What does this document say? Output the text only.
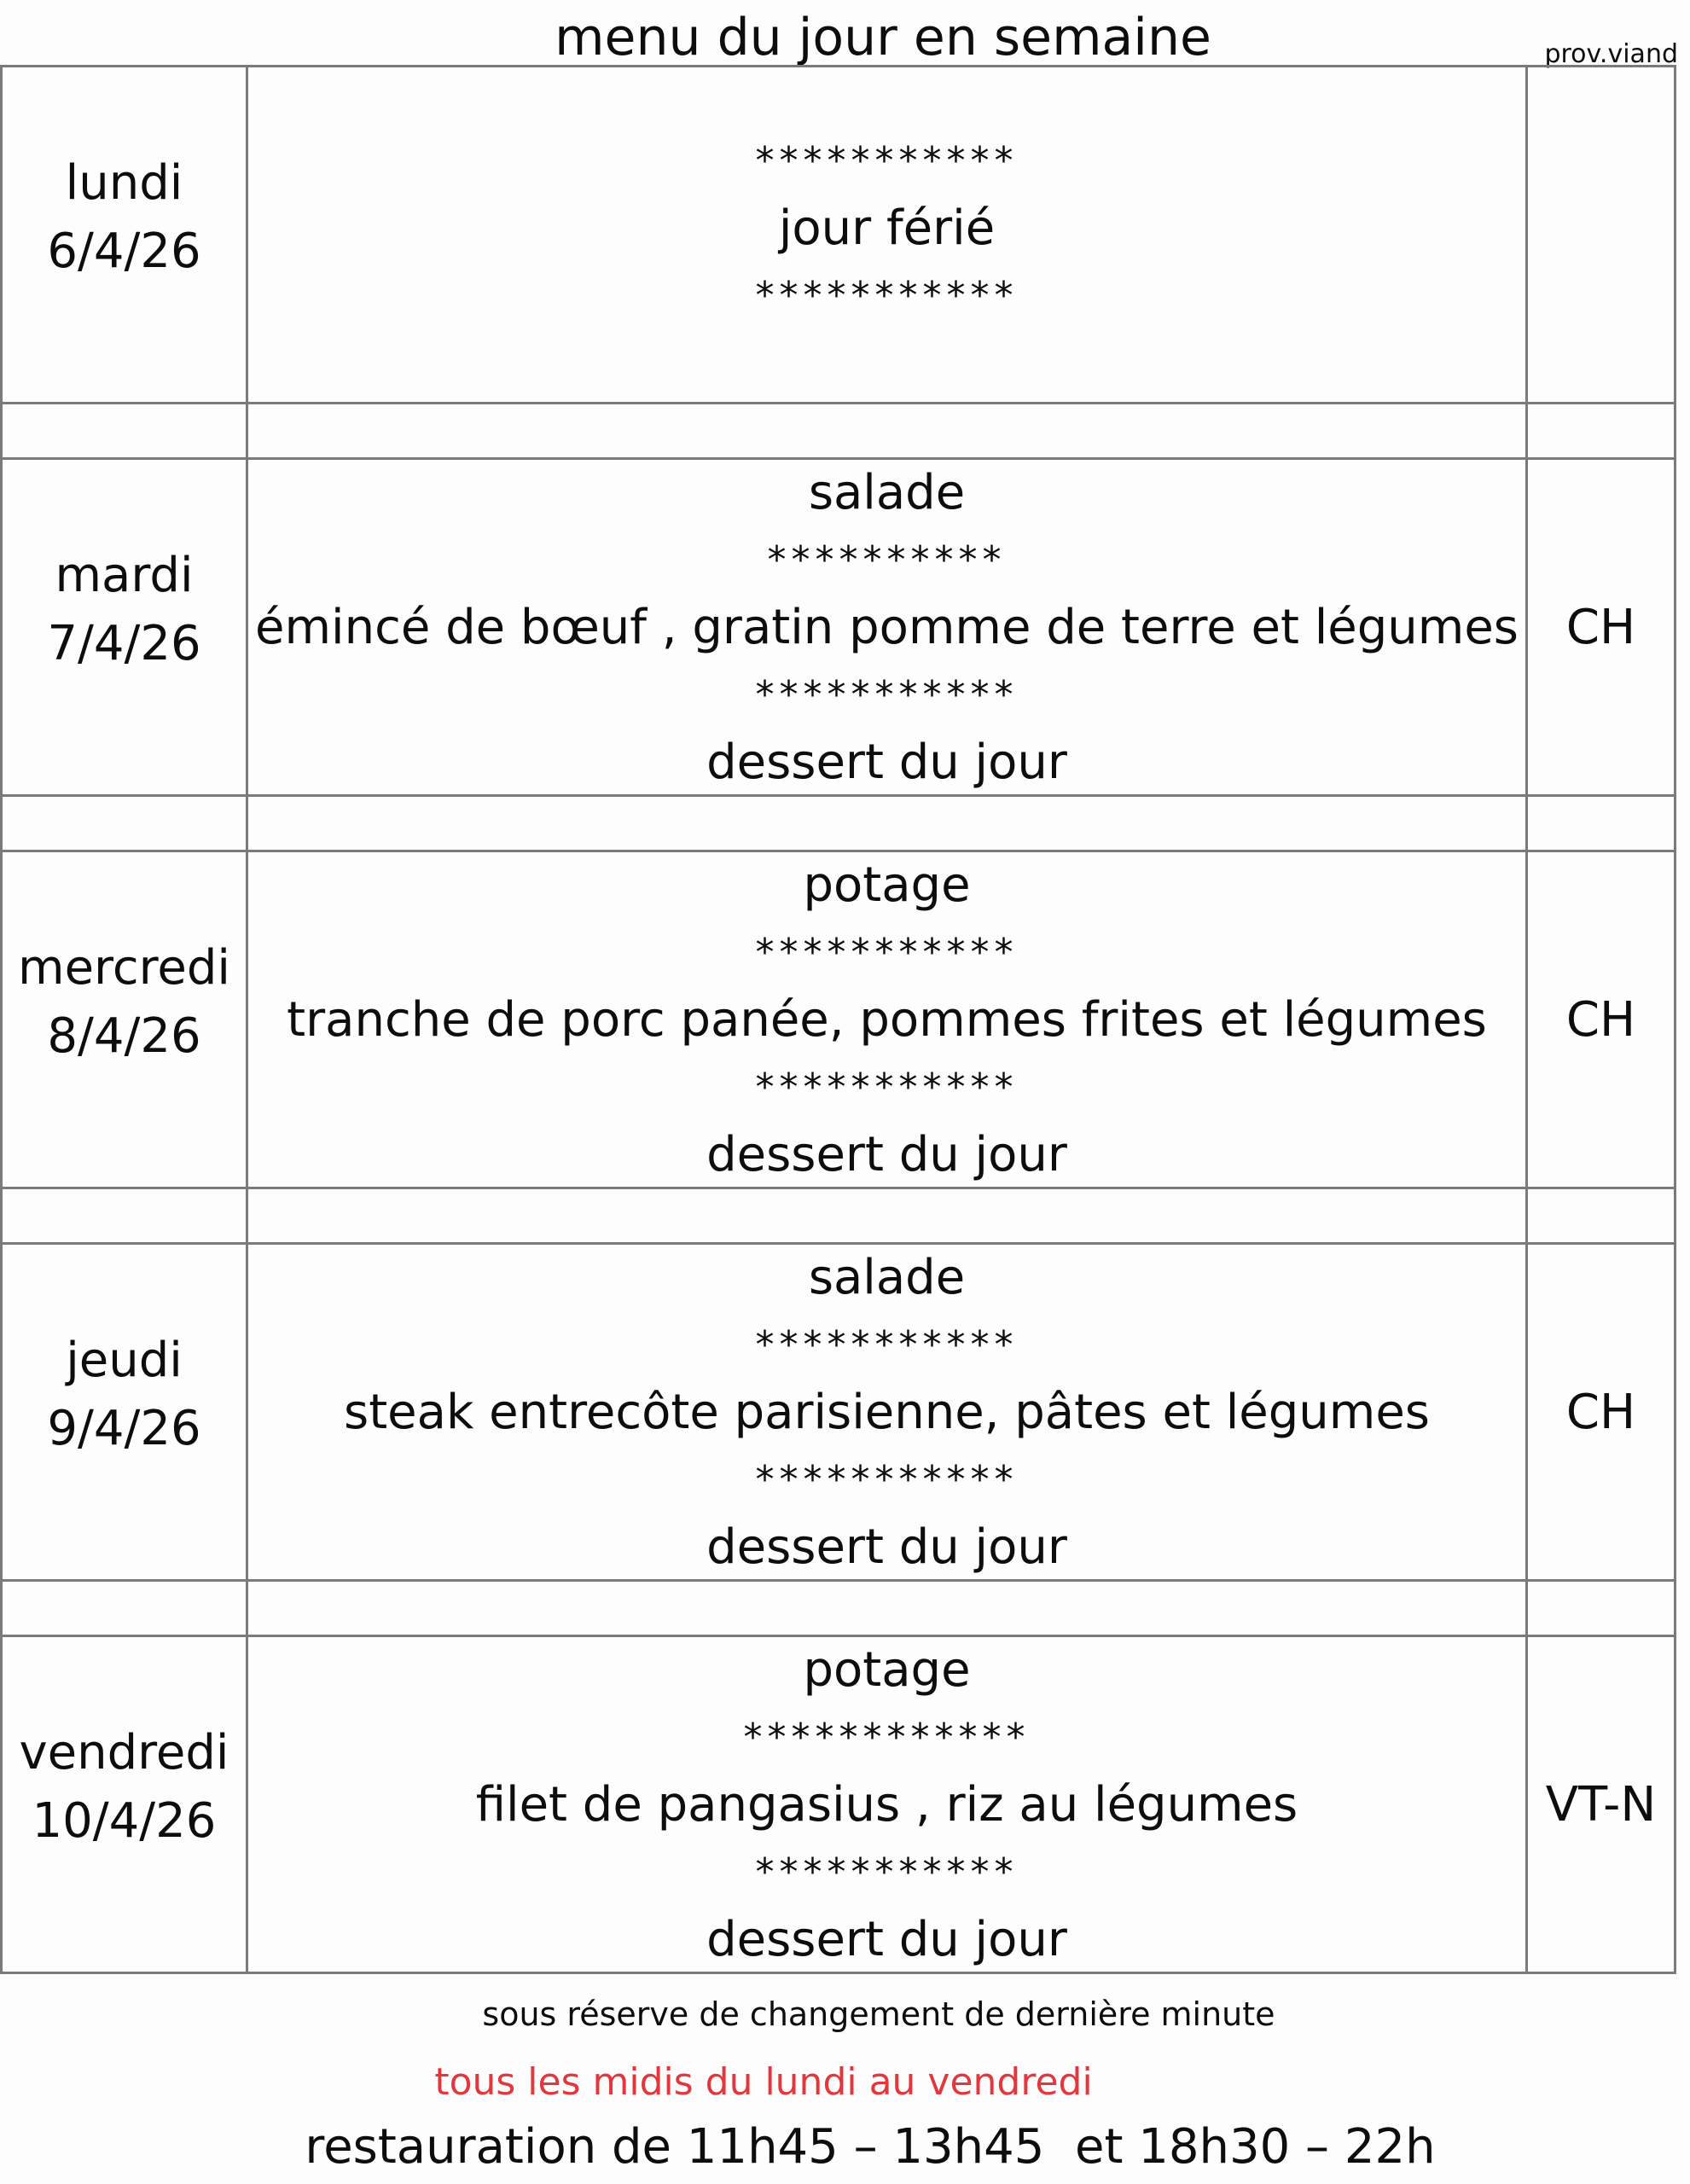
menu du jour en semaine	prov.viand
lundi
6/4/26
***********
jour férié
***********
mardi
7/4/26
salade
**********
émincé de bœuf , gratin pomme de terre et légumes
***********
dessert du jour
CH
mercredi
8/4/26
potage
***********
tranche de porc panée, pommes frites et légumes
***********
dessert du jour
CH
jeudi
9/4/26
salade
***********
steak entrecôte parisienne, pâtes et légumes
***********
dessert du jour
CH
vendredi
10/4/26
potage
************
filet de pangasius , riz au légumes
***********
dessert du jour
VT-N
sous réserve de changement de dernière minute
tous les midis du lundi au vendredi
restauration de 11h45 – 13h45  et 18h30 – 22h
